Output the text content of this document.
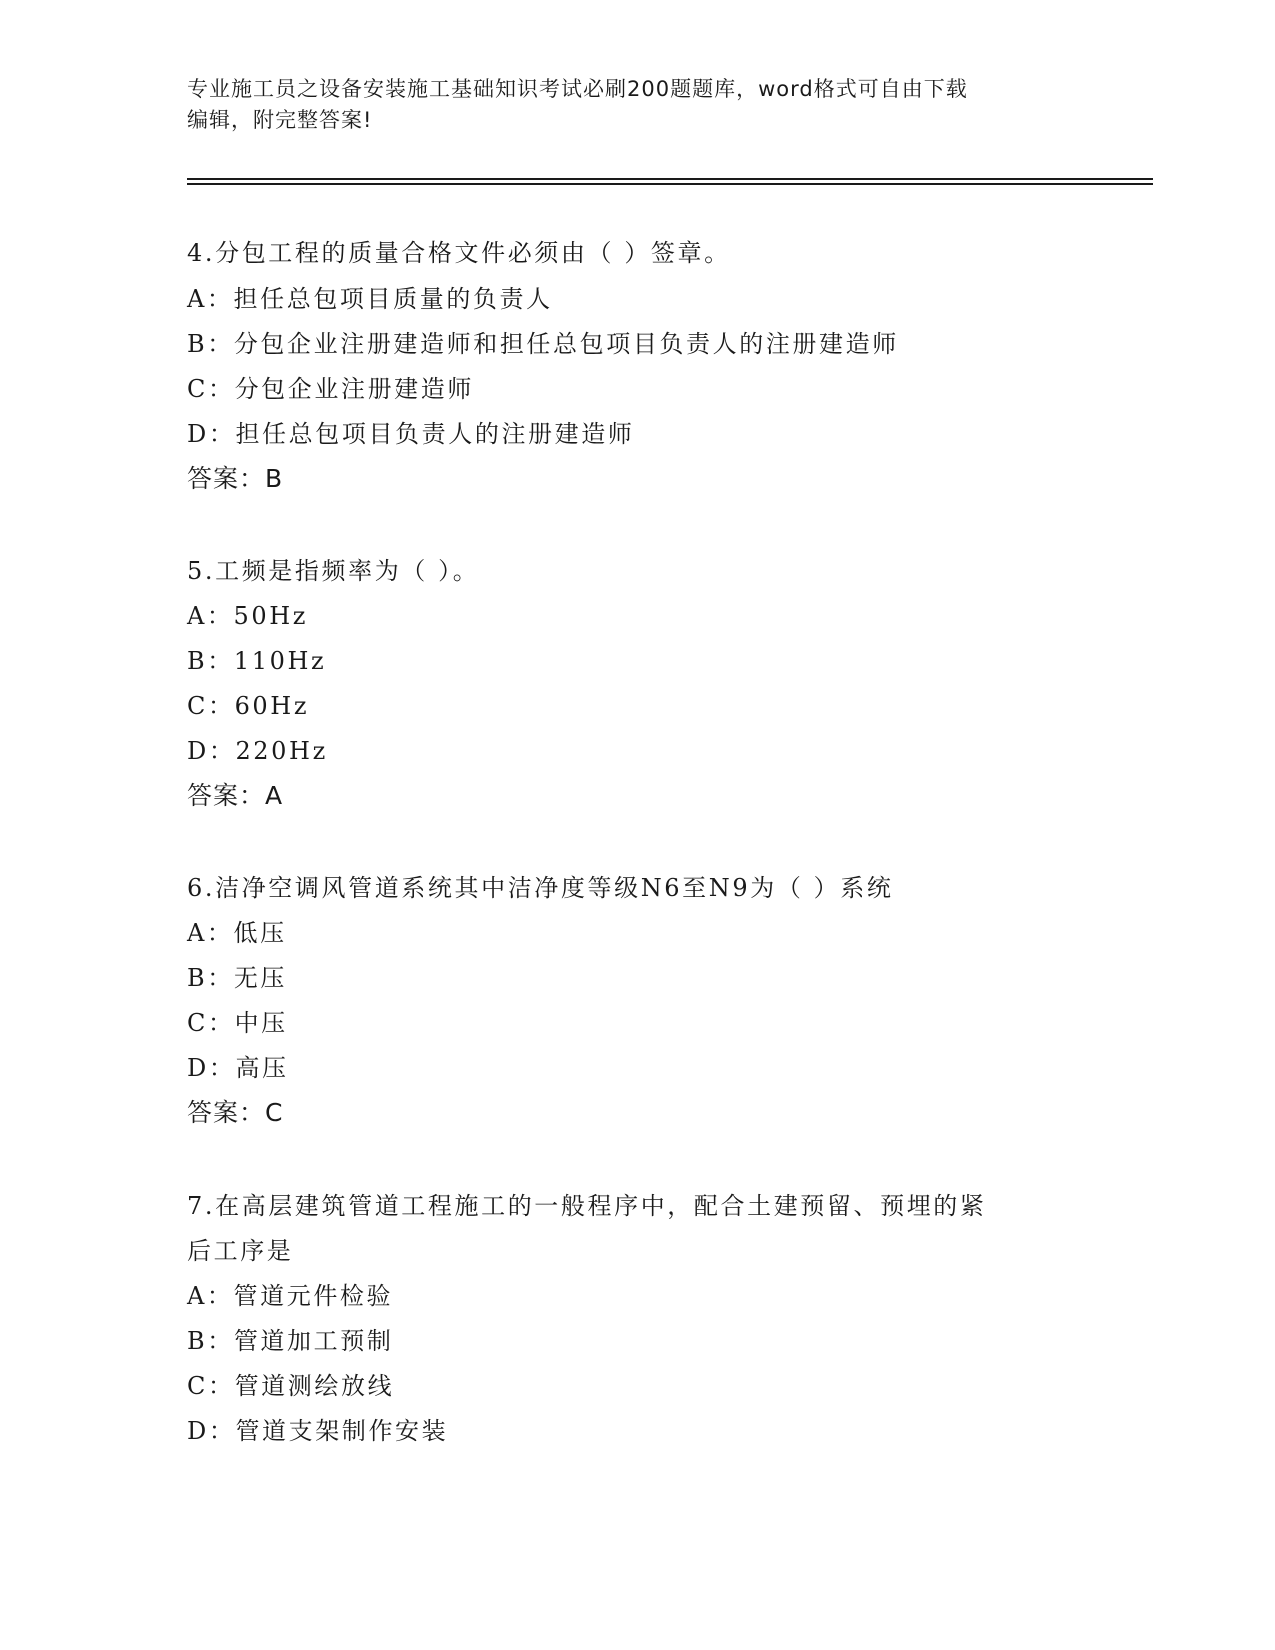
专业施工员之设备安装施工基础知识考试必刷200题题库，word格式可自由下载
编辑，附完整答案!
4.分包工程的质量合格文件必须由（ ）签章。
A：担任总包项目质量的负责人
B：分包企业注册建造师和担任总包项目负责人的注册建造师
C：分包企业注册建造师
D：担任总包项目负责人的注册建造师
答案：B
5.工频是指频率为（ ）。
A：50Hz
B：110Hz
C：60Hz
D：220Hz
答案：A
6.洁净空调风管道系统其中洁净度等级N6至N9为（ ）系统
A：低压
B：无压
C：中压
D：高压
答案：C
7.在高层建筑管道工程施工的一般程序中，配合土建预留、预埋的紧
后工序是
A：管道元件检验
B：管道加工预制
C：管道测绘放线
D：管道支架制作安装
